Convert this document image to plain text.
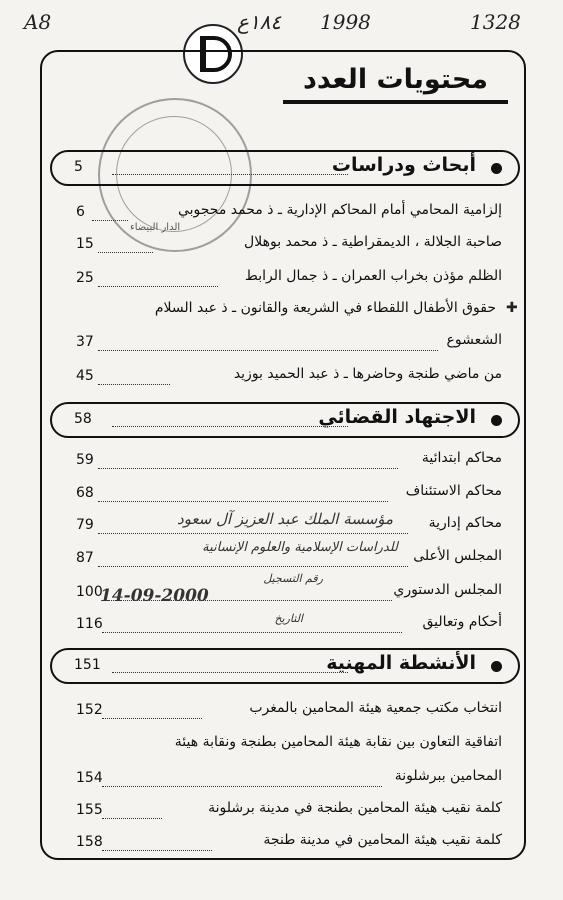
A8	١٨٤ع 1998	1328
محتويات العدد
الدار البيضاء
أبحاث ودراسات
5
6	إلزامية المحامي أمام المحاكم الإدارية ـ ذ محمد محجوبي
15	صاحبة الجلالة ، الديمقراطية ـ ذ محمد بوهلال
25	الظلم مؤذن بخراب العمران ـ ذ جمال الرابط
✚
حقوق الأطفال اللقطاء في الشريعة والقانون ـ ذ عبد السلام
37	الشعشوع
45	من ماضي طنجة وحاضرها ـ ذ عبد الحميد بوزيد
الاجتهاد القضائي
58
59	محاكم ابتدائية
68	محاكم الاستئناف
79	محاكم إدارية
87	المجلس الأعلى
100	المجلس الدستوري
116	أحكام وتعاليق
مؤسسة الملك عبد العزيز آل سعود
للدراسات الإسلامية والعلوم الإنسانية
رقم التسجيل
14-09-2000
التاريخ
الأنشطة المهنية
151
152	انتخاب مكتب جمعية هيئة المحامين بالمغرب
اتفاقية التعاون بين نقابة هيئة المحامين بطنجة ونقابة هيئة
154	المحامين ببرشلونة
155	كلمة نقيب هيئة المحامين بطنجة في مدينة برشلونة
158	كلمة نقيب هيئة المحامين في مدينة طنجة
